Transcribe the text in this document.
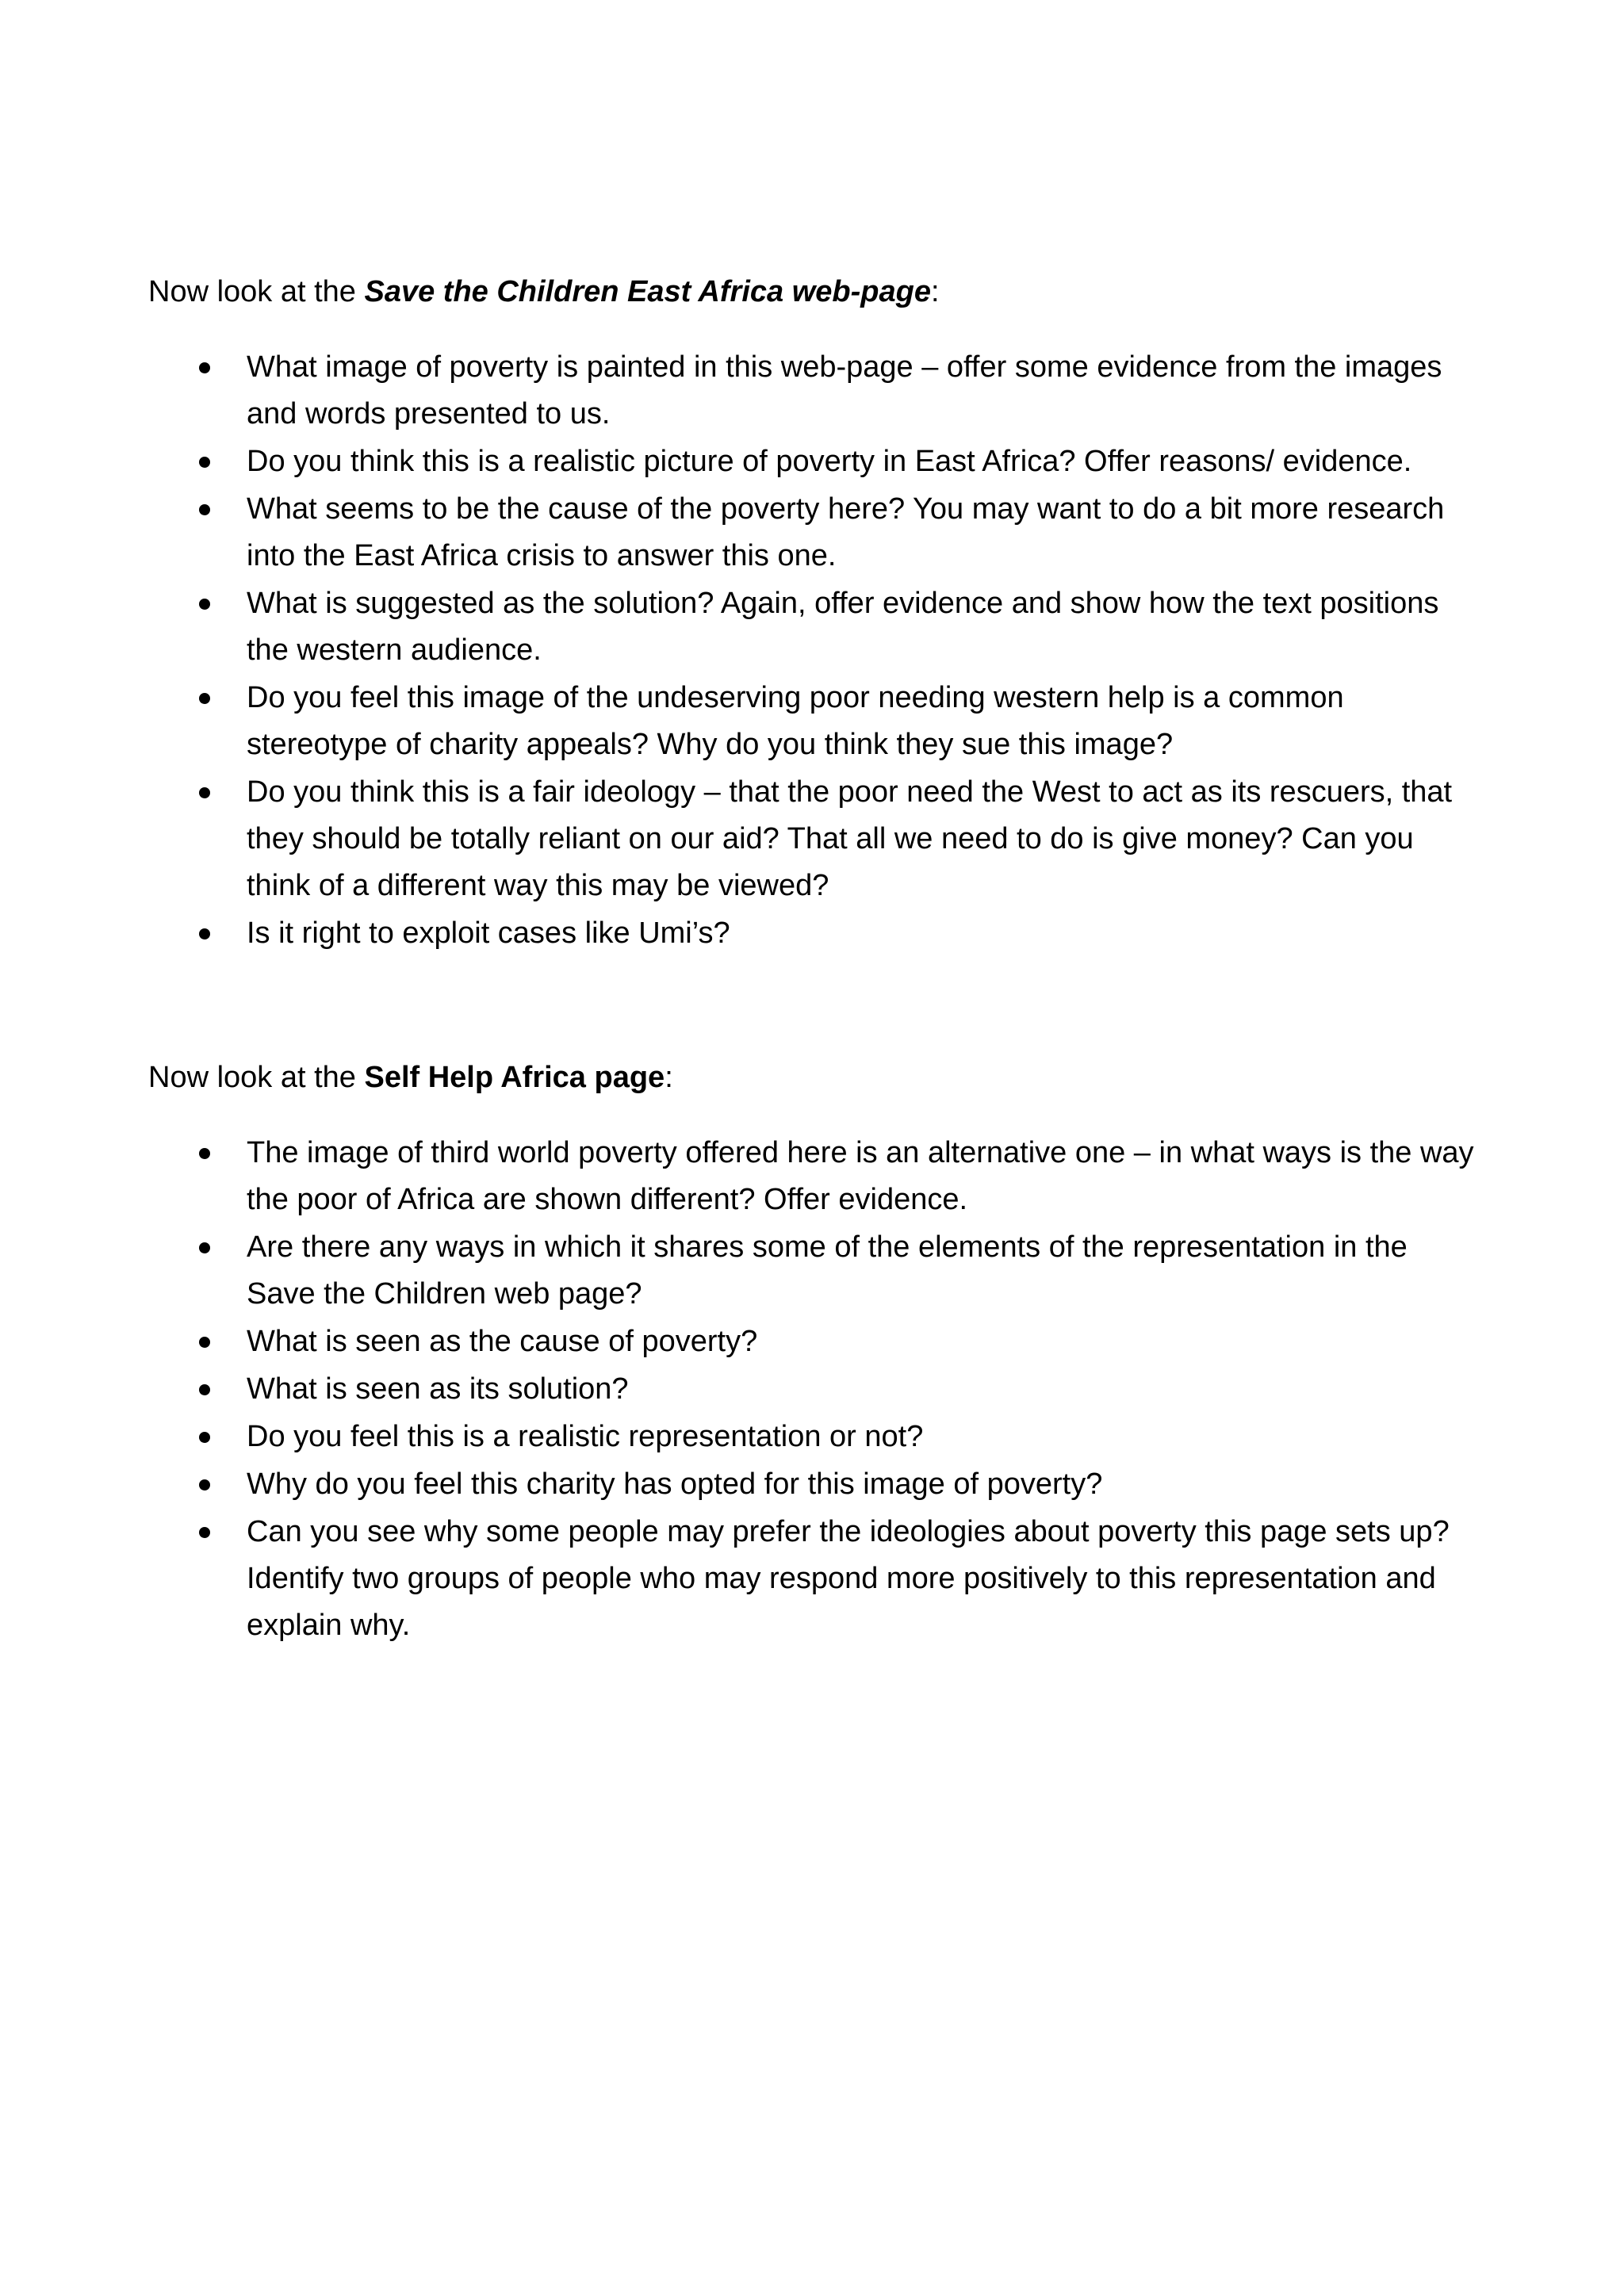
Now look at the Save the Children East Africa web-page:

What image of poverty is painted in this web-page – offer some evidence from the images and words presented to us.
Do you think this is a realistic picture of poverty in East Africa? Offer reasons/ evidence.
What seems to be the cause of the poverty here? You may want to do a bit more research into the East Africa crisis to answer this one.
What is suggested as the solution? Again, offer evidence and show how the text positions the western audience.
Do you feel this image of the undeserving poor needing western help is a common stereotype of charity appeals? Why do you think they sue this image?
Do you think this is a fair ideology – that the poor need the West to act as its rescuers, that they should be totally reliant on our aid? That all we need to do is give money? Can you think of a different way this may be viewed?
Is it right to exploit cases like Umi’s?

Now look at the Self Help Africa page:

The image of third world poverty offered here is an alternative one – in what ways is the way the poor of Africa are shown different? Offer evidence.
Are there any ways in which it shares some of the elements of the representation in the Save the Children web page?
What is seen as the cause of poverty?
What is seen as its solution?
Do you feel this is a realistic representation or not?
Why do you feel this charity has opted for this image of poverty?
Can you see why some people may prefer the ideologies about poverty this page sets up? Identify two groups of people who may respond more positively to this representation and explain why.
